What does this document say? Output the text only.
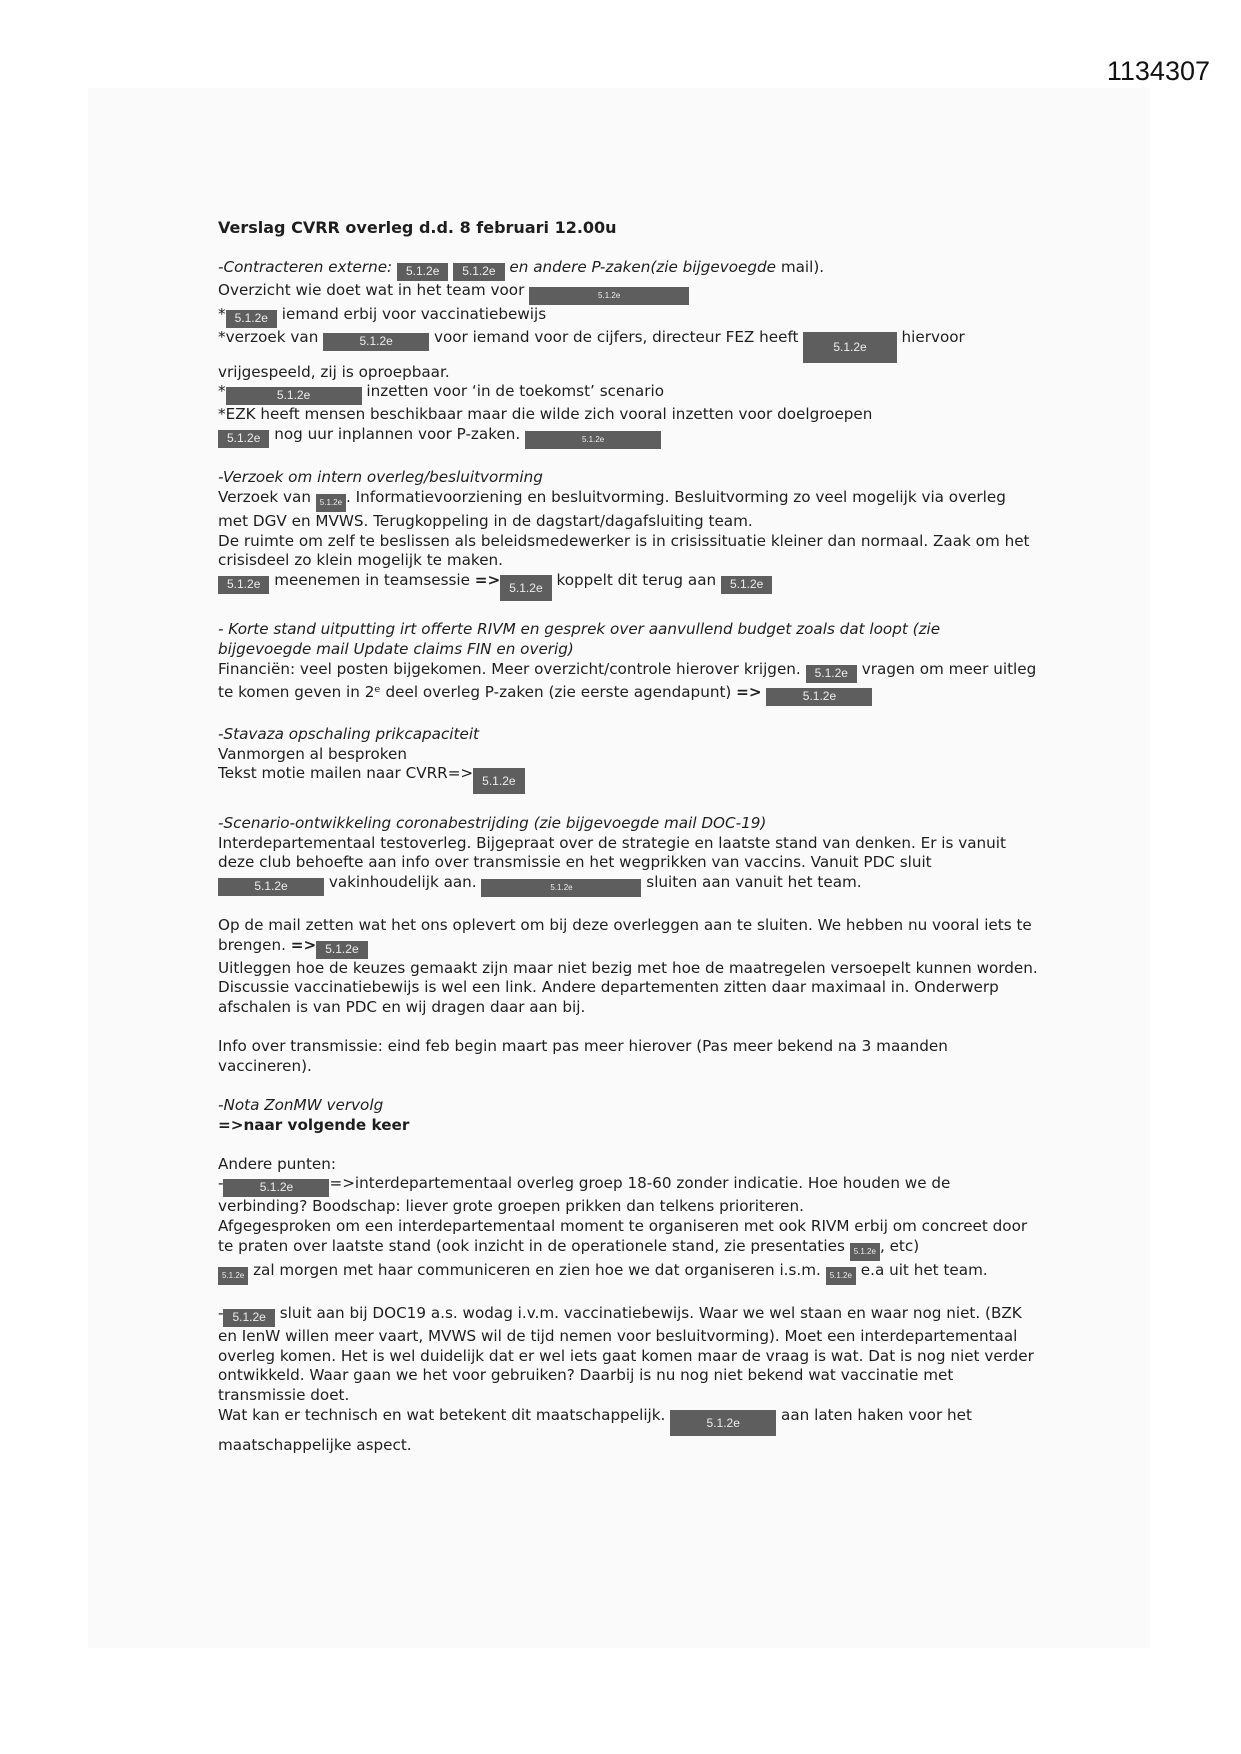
1134307

Verslag CVRR overleg d.d. 8 februari 12.00u

-Contracteren externe: 5.1.2e 5.1.2e en andere P-zaken(zie bijgevoegde mail).

Overzicht wie doet wat in het team voor	5.1.2e

* 5.1.2e iemand erbij voor vaccinatiebewijs

*verzoek van	5.1.2e	voor iemand voor de cijfers, directeur FEZ heeft 5.1.2e hiervoor

vrijgespeeld, zij is oproepbaar.

*	5.1.2e	inzetten voor ‘in de toekomst’ scenario

*EZK heeft mensen beschikbaar maar die wilde zich vooral inzetten voor doelgroepen

5.1.2e nog uur inplannen voor P-zaken.	5.1.2e

-Verzoek om intern overleg/besluitvorming

Verzoek van 5.1.2e . Informatievoorziening en besluitvorming. Besluitvorming zo veel mogelijk via overleg met DGV en MVWS. Terugkoppeling in de dagstart/dagafsluiting team.

De ruimte om zelf te beslissen als beleidsmedewerker is in crisissituatie kleiner dan normaal. Zaak om het crisisdeel zo klein mogelijk te maken.

5.1.2e meenemen in teamsessie => 5.1.2e koppelt dit terug aan 5.1.2e

- Korte stand uitputting irt offerte RIVM en gesprek over aanvullend budget zoals dat loopt (zie bijgevoegde mail Update claims FIN en overig)

Financiën: veel posten bijgekomen. Meer overzicht/controle hierover krijgen. 5.1.2e vragen om meer uitleg te komen geven in 2ᵉ deel overleg P-zaken (zie eerste agendapunt) =>	5.1.2e

-Stavaza opschaling prikcapaciteit

Vanmorgen al besproken

Tekst motie mailen naar CVRR=> 5.1.2e

-Scenario-ontwikkeling coronabestrijding (zie bijgevoegde mail DOC-19)

Interdepartementaal testoverleg. Bijgepraat over de strategie en laatste stand van denken. Er is vanuit deze club behoefte aan info over transmissie en het wegprikken van vaccins. Vanuit PDC sluit 5.1.2e	vakinhoudelijk aan.	5.1.2e	sluiten aan vanuit het team.

Op de mail zetten wat het ons oplevert om bij deze overleggen aan te sluiten. We hebben nu vooral iets te brengen. => 5.1.2e

Uitleggen hoe de keuzes gemaakt zijn maar niet bezig met hoe de maatregelen versoepelt kunnen worden. Discussie vaccinatiebewijs is wel een link. Andere departementen zitten daar maximaal in. Onderwerp afschalen is van PDC en wij dragen daar aan bij.

Info over transmissie: eind feb begin maart pas meer hierover (Pas meer bekend na 3 maanden vaccineren).

-Nota ZonMW vervolg

=>naar volgende keer

Andere punten:

-	5.1.2e =>interdepartementaal overleg groep 18-60 zonder indicatie. Hoe houden we de verbinding? Boodschap: liever grote groepen prikken dan telkens prioriteren.

Afgegesproken om een interdepartementaal moment te organiseren met ook RIVM erbij om concreet door te praten over laatste stand (ook inzicht in de operationele stand, zie presentaties 5.1.2e , etc)

5.1.2e zal morgen met haar communiceren en zien hoe we dat organiseren i.s.m. 5.1.2e e.a uit het team.

- 5.1.2e sluit aan bij DOC19 a.s. wodag i.v.m. vaccinatiebewijs. Waar we wel staan en waar nog niet. (BZK en IenW willen meer vaart, MVWS wil de tijd nemen voor besluitvorming). Moet een interdepartementaal overleg komen. Het is wel duidelijk dat er wel iets gaat komen maar de vraag is wat. Dat is nog niet verder ontwikkeld. Waar gaan we het voor gebruiken? Daarbij is nu nog niet bekend wat vaccinatie met transmissie doet.

Wat kan er technisch en wat betekent dit maatschappelijk.	5.1.2e	aan laten haken voor het maatschappelijke aspect.
